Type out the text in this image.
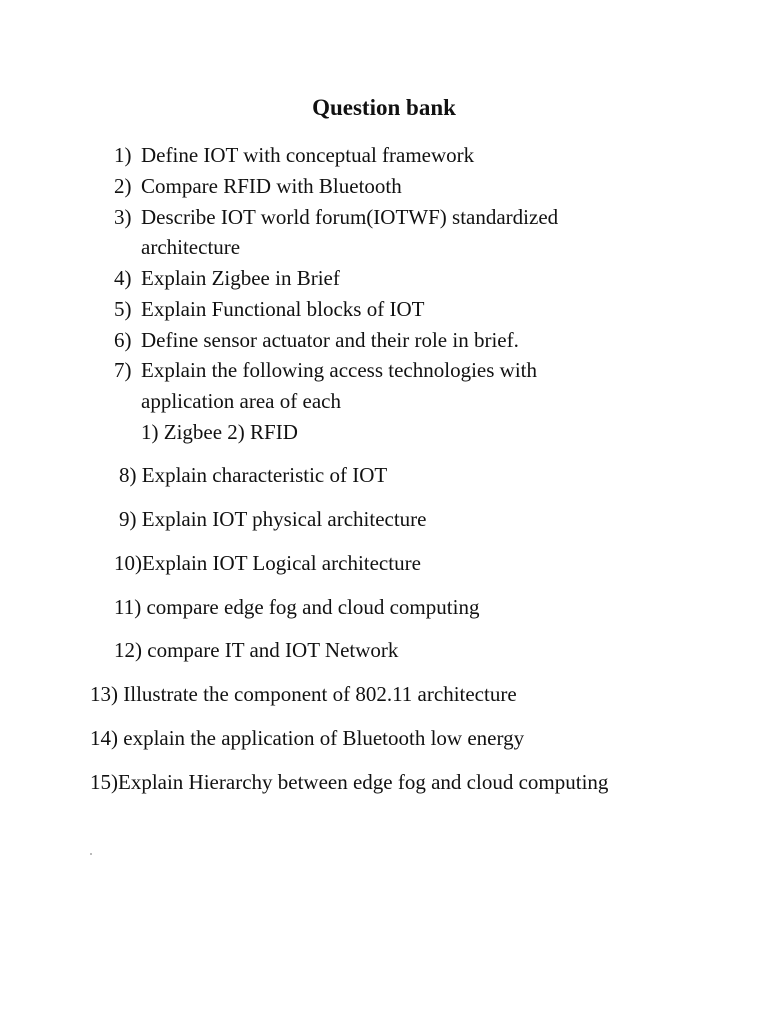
Question bank
1) Define IOT with conceptual framework
2) Compare RFID with Bluetooth
3) Describe IOT world forum(IOTWF) standardized
architecture
4) Explain Zigbee in Brief
5) Explain Functional blocks of IOT
6) Define sensor actuator and their role in brief.
7) Explain the following access technologies with
application area of each
1) Zigbee 2) RFID
8) Explain characteristic of IOT
9) Explain IOT physical architecture
10)Explain IOT Logical architecture
11) compare edge fog and cloud computing
12) compare IT and IOT Network
13) Illustrate the component of 802.11 architecture
14) explain the application of Bluetooth low energy
15)Explain Hierarchy between edge fog and cloud computing
